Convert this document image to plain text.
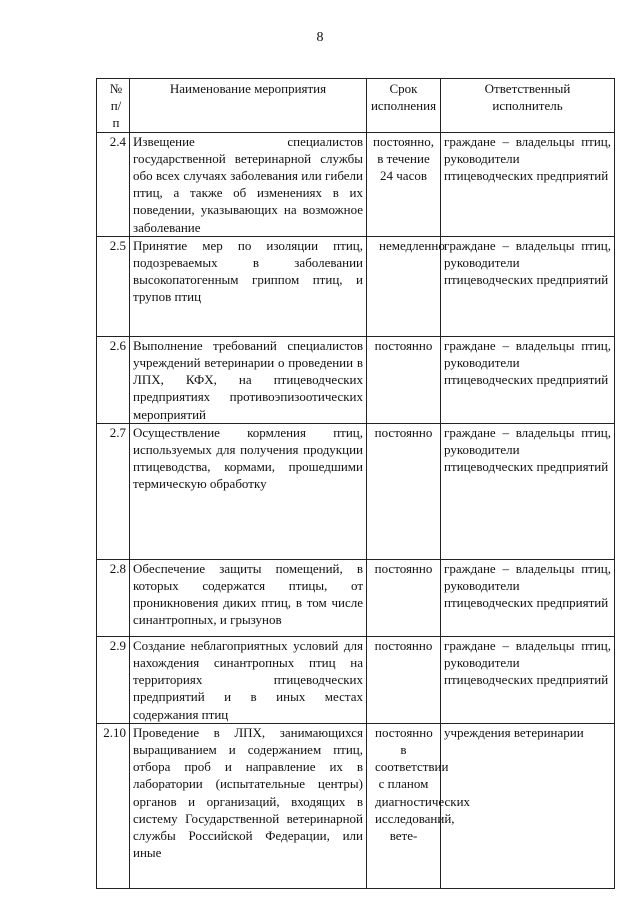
8
№ п/п	Наименование мероприятия	Срок исполнения	Ответственный исполнитель
2.4	Извещение специалистов государственной ветеринарной службы обо всех случаях заболевания или гибели птиц, а также об изменениях в их поведении, указывающих на возможное заболевание	постоянно, в течение 24 часов	граждане – владельцы птиц, руководители птицеводческих предприятий
2.5	Принятие мер по изоляции птиц, подозреваемых в заболевании высокопатогенным гриппом птиц, и трупов птиц	немедленно	граждане – владельцы птиц, руководители птицеводческих предприятий
2.6	Выполнение требований специалистов учреждений ветеринарии о проведении в ЛПХ, КФХ, на птицеводческих предприятиях противоэпизоотических мероприятий	постоянно	граждане – владельцы птиц, руководители птицеводческих предприятий
2.7	Осуществление кормления птиц, используемых для получения продукции птицеводства, кормами, прошедшими термическую обработку	постоянно	граждане – владельцы птиц, руководители птицеводческих предприятий
2.8	Обеспечение защиты помещений, в которых содержатся птицы, от проникновения диких птиц, в том числе синантропных, и грызунов	постоянно	граждане – владельцы птиц, руководители птицеводческих предприятий
2.9	Создание неблагоприятных условий для нахождения синантропных птиц на территориях птицеводческих предприятий и в иных местах содержания птиц	постоянно	граждане – владельцы птиц, руководители птицеводческих предприятий
2.10	Проведение в ЛПХ, занимающихся выращиванием и содержанием птиц, отбора проб и направление их в лаборатории (испытательные центры) органов и организаций, входящих в систему Государственной ветеринарной службы Российской Федерации, или иные	постоянно в соответствии с планом диагностических исследований, вете-	учреждения ветеринарии
